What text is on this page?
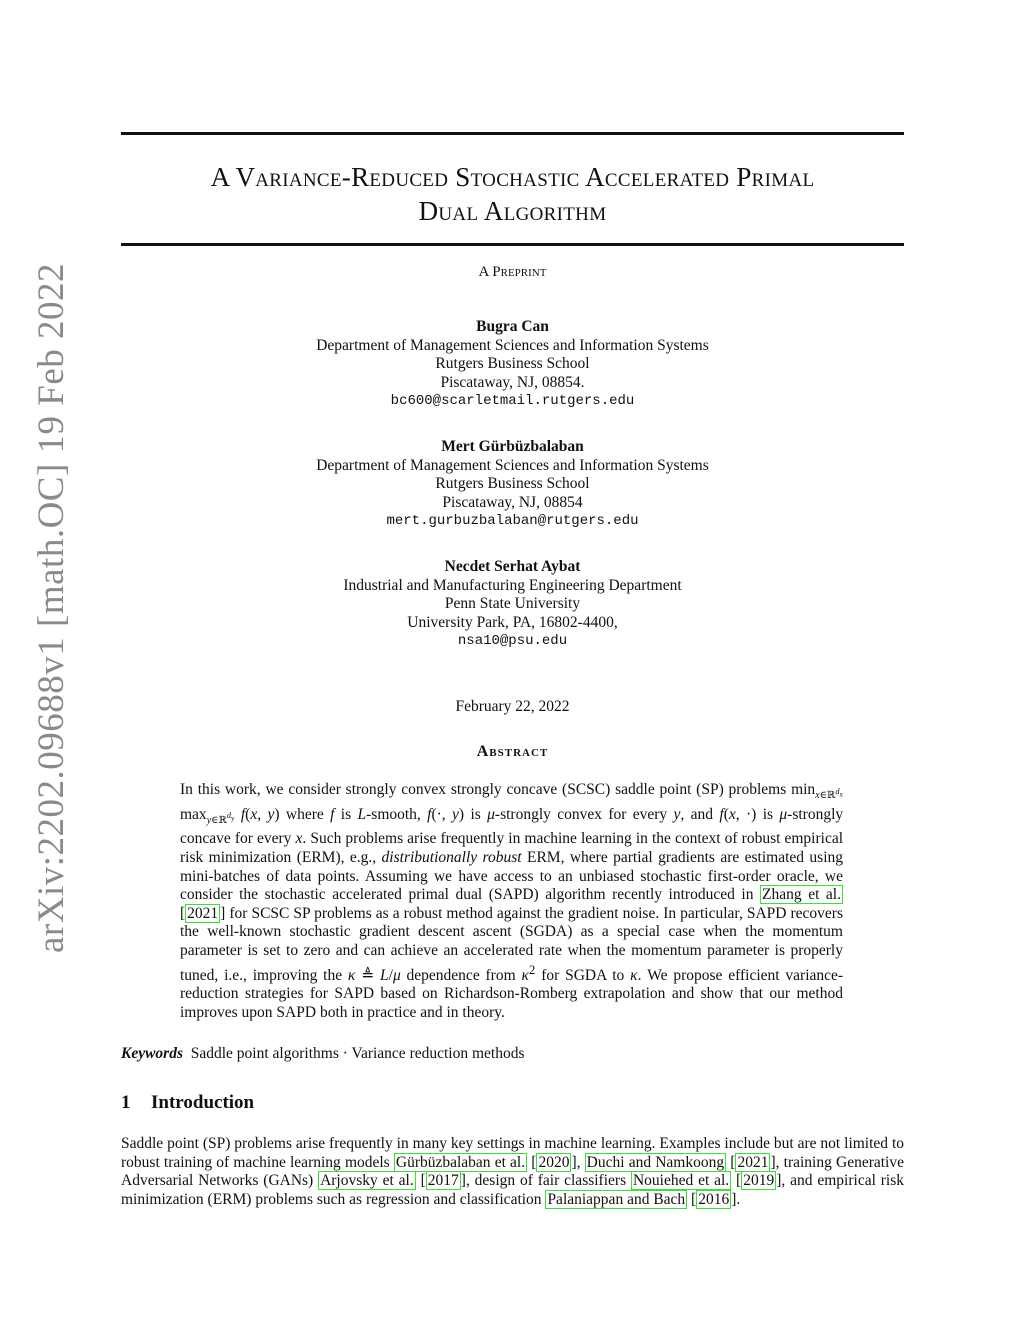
arXiv:2202.09688v1 [math.OC] 19 Feb 2022
A Variance-Reduced Stochastic Accelerated Primal
Dual Algorithm
A Preprint
Bugra Can
Department of Management Sciences and Information Systems
Rutgers Business School
Piscataway, NJ, 08854.
bc600@scarletmail.rutgers.edu
Mert Gürbüzbalaban
Department of Management Sciences and Information Systems
Rutgers Business School
Piscataway, NJ, 08854
mert.gurbuzbalaban@rutgers.edu
Necdet Serhat Aybat
Industrial and Manufacturing Engineering Department
Penn State University
University Park, PA, 16802-4400,
nsa10@psu.edu
February 22, 2022
Abstract
In this work, we consider strongly convex strongly concave (SCSC) saddle point (SP) problems $\min_{x\in ℝ^{d_x}} \max_{y\in ℝ^{d_y}} f(x$, y) where f is L-smooth, f(·, y) is μ-strongly convex for every y, and f(x, ·) is μ-strongly concave for every x. Such problems arise frequently in machine learning in the context of robust empirical risk minimization (ERM), e.g., distributionally robust ERM, where partial gradients are estimated using mini-batches of data points. Assuming we have access to an unbiased stochastic first-order oracle, we consider the stochastic accelerated primal dual (SAPD) algorithm recently introduced in Zhang et al. [ 2021 ] for SCSC SP problems as a robust method against the gradient noise. In particular, SAPD recovers the well-known stochastic gradient descent ascent (SGDA) as a special case when the momentum parameter is set to zero and can achieve an accelerated rate when the momentum parameter is properly tuned, i.e., improving the κ ≜ L/μ dependence from $\kappa^2$ for SGDA to κ. We propose efficient variance-reduction strategies for SAPD based on Richardson-Romberg extrapolation and show that our method improves upon SAPD both in practice and in theory.
Keywords Saddle point algorithms · Variance reduction methods
1 Introduction
Saddle point (SP) problems arise frequently in many key settings in machine learning. Examples include but are not limited to robust training of machine learning models Gürbüzbalaban et al. [ 2020 ], Duchi and Namkoong [ 2021 ], training Generative Adversarial Networks (GANs) Arjovsky et al. [ 2017 ], design of fair classifiers Nouiehed et al. [ 2019 ], and empirical risk minimization (ERM) problems such as regression and classification Palaniappan and Bach [ 2016 ].
